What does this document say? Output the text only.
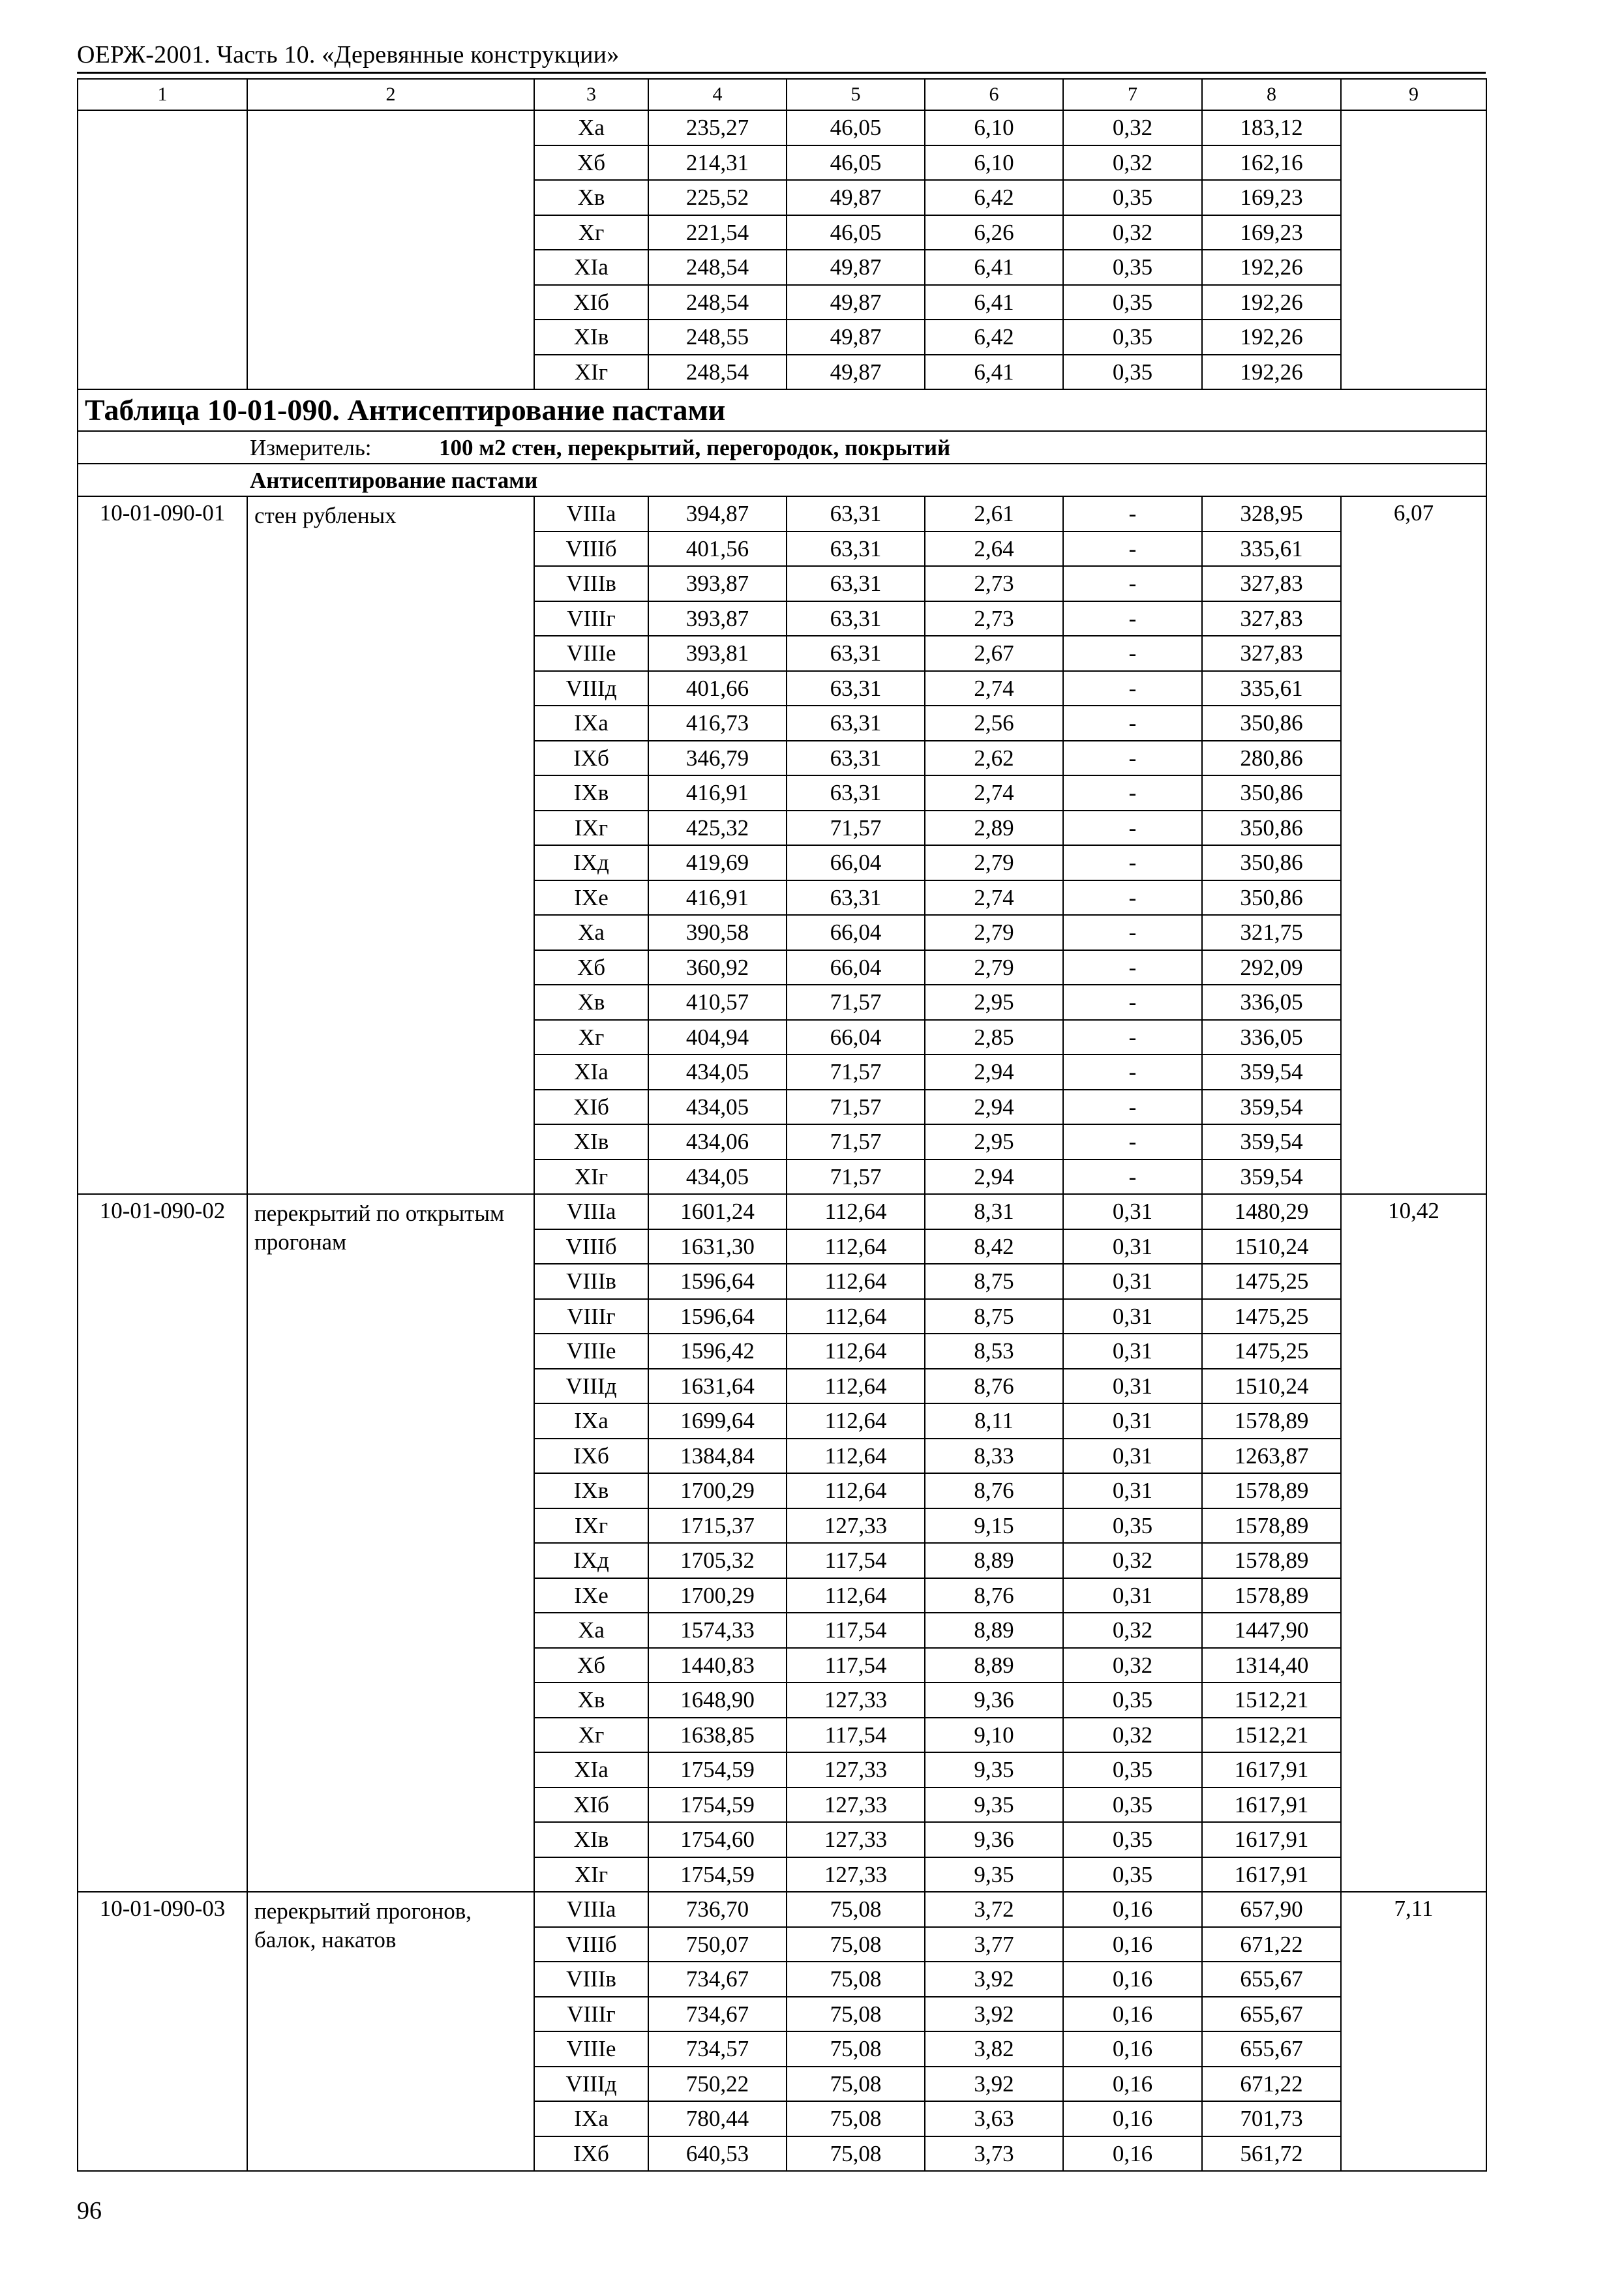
ОЕРЖ-2001. Часть 10. «Деревянные конструкции»
1	2	3	4	5	6	7	8	9
		Xа	235,27	46,05	6,10	0,32	183,12	
		Xб	214,31	46,05	6,10	0,32	162,16	
		Xв	225,52	49,87	6,42	0,35	169,23	
		Xг	221,54	46,05	6,26	0,32	169,23	
		XIа	248,54	49,87	6,41	0,35	192,26	
		XIб	248,54	49,87	6,41	0,35	192,26	
		XIв	248,55	49,87	6,42	0,35	192,26	
		XIг	248,54	49,87	6,41	0,35	192,26	
Таблица 10-01-090. Антисептирование пастами								
Измеритель: 100 м2 стен, перекрытий, перегородок, покрытий								
Антисептирование пастами								
10-01-090-01	стен рубленых	VIIIа	394,87	63,31	2,61	-	328,95	6,07
		VIIIб	401,56	63,31	2,64	-	335,61	
		VIIIв	393,87	63,31	2,73	-	327,83	
		VIIIг	393,87	63,31	2,73	-	327,83	
		VIIIе	393,81	63,31	2,67	-	327,83	
		VIIIд	401,66	63,31	2,74	-	335,61	
		IXа	416,73	63,31	2,56	-	350,86	
		IXб	346,79	63,31	2,62	-	280,86	
		IXв	416,91	63,31	2,74	-	350,86	
		IXг	425,32	71,57	2,89	-	350,86	
		IXд	419,69	66,04	2,79	-	350,86	
		IXе	416,91	63,31	2,74	-	350,86	
		Xа	390,58	66,04	2,79	-	321,75	
		Xб	360,92	66,04	2,79	-	292,09	
		Xв	410,57	71,57	2,95	-	336,05	
		Xг	404,94	66,04	2,85	-	336,05	
		XIа	434,05	71,57	2,94	-	359,54	
		XIб	434,05	71,57	2,94	-	359,54	
		XIв	434,06	71,57	2,95	-	359,54	
		XIг	434,05	71,57	2,94	-	359,54	
10-01-090-02	перекрытий по открытым прогонам	VIIIа	1601,24	112,64	8,31	0,31	1480,29	10,42
		VIIIб	1631,30	112,64	8,42	0,31	1510,24	
		VIIIв	1596,64	112,64	8,75	0,31	1475,25	
		VIIIг	1596,64	112,64	8,75	0,31	1475,25	
		VIIIе	1596,42	112,64	8,53	0,31	1475,25	
		VIIIд	1631,64	112,64	8,76	0,31	1510,24	
		IXа	1699,64	112,64	8,11	0,31	1578,89	
		IXб	1384,84	112,64	8,33	0,31	1263,87	
		IXв	1700,29	112,64	8,76	0,31	1578,89	
		IXг	1715,37	127,33	9,15	0,35	1578,89	
		IXд	1705,32	117,54	8,89	0,32	1578,89	
		IXе	1700,29	112,64	8,76	0,31	1578,89	
		Xа	1574,33	117,54	8,89	0,32	1447,90	
		Xб	1440,83	117,54	8,89	0,32	1314,40	
		Xв	1648,90	127,33	9,36	0,35	1512,21	
		Xг	1638,85	117,54	9,10	0,32	1512,21	
		XIа	1754,59	127,33	9,35	0,35	1617,91	
		XIб	1754,59	127,33	9,35	0,35	1617,91	
		XIв	1754,60	127,33	9,36	0,35	1617,91	
		XIг	1754,59	127,33	9,35	0,35	1617,91	
10-01-090-03	перекрытий прогонов, балок, накатов	VIIIа	736,70	75,08	3,72	0,16	657,90	7,11
		VIIIб	750,07	75,08	3,77	0,16	671,22	
		VIIIв	734,67	75,08	3,92	0,16	655,67	
		VIIIг	734,67	75,08	3,92	0,16	655,67	
		VIIIе	734,57	75,08	3,82	0,16	655,67	
		VIIIд	750,22	75,08	3,92	0,16	671,22	
		IXа	780,44	75,08	3,63	0,16	701,73	
		IXб	640,53	75,08	3,73	0,16	561,72	
96
